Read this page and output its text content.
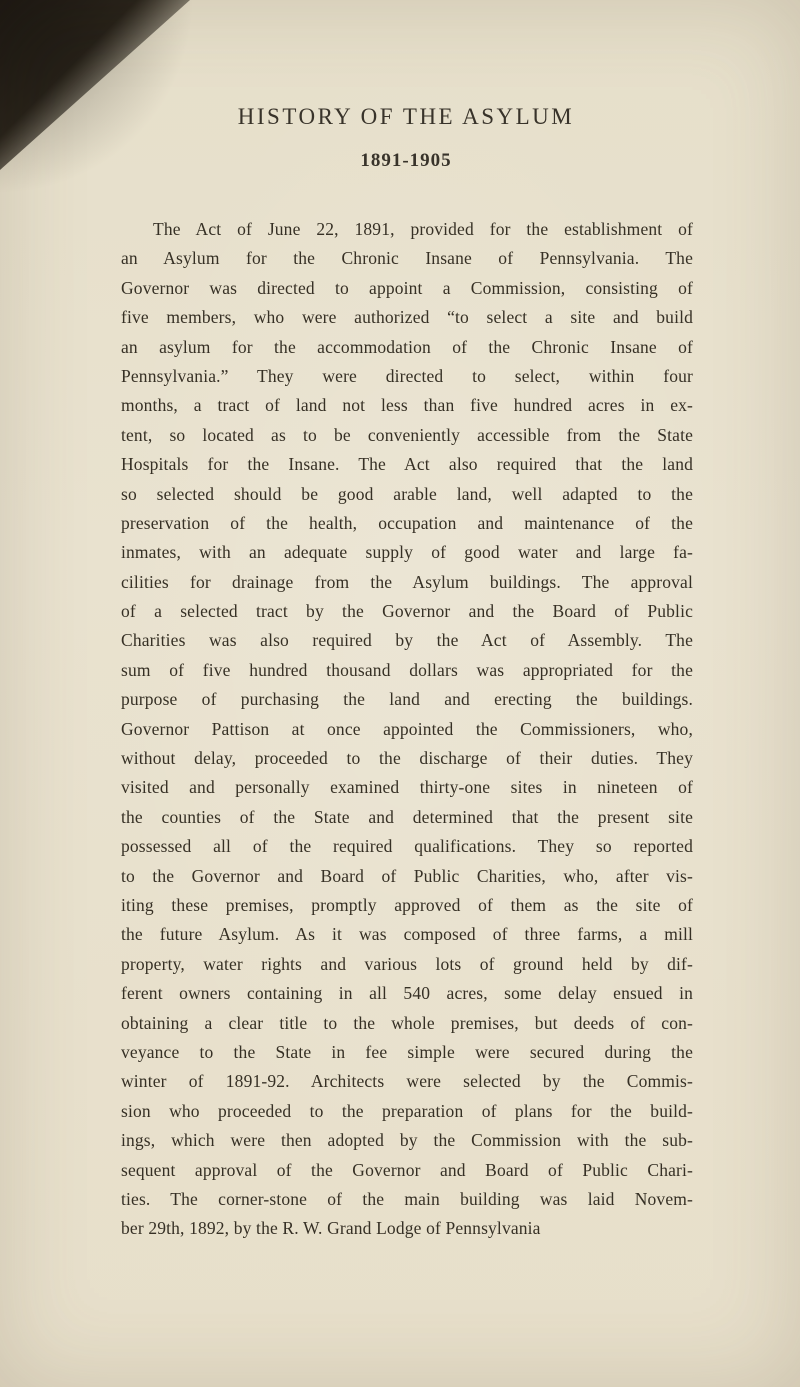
HISTORY OF THE ASYLUM
1891-1905
The Act of June 22, 1891, provided for the establishment of
an Asylum for the Chronic Insane of Pennsylvania. The
Governor was directed to appoint a Commission, consisting of
five members, who were authorized “to select a site and build
an asylum for the accommodation of the Chronic Insane of
Pennsylvania.” They were directed to select, within four
months, a tract of land not less than five hundred acres in ex-
tent, so located as to be conveniently accessible from the State
Hospitals for the Insane. The Act also required that the land
so selected should be good arable land, well adapted to the
preservation of the health, occupation and maintenance of the
inmates, with an adequate supply of good water and large fa-
cilities for drainage from the Asylum buildings. The approval
of a selected tract by the Governor and the Board of Public
Charities was also required by the Act of Assembly. The
sum of five hundred thousand dollars was appropriated for the
purpose of purchasing the land and erecting the buildings.
Governor Pattison at once appointed the Commissioners, who,
without delay, proceeded to the discharge of their duties. They
visited and personally examined thirty-one sites in nineteen of
the counties of the State and determined that the present site
possessed all of the required qualifications. They so reported
to the Governor and Board of Public Charities, who, after vis-
iting these premises, promptly approved of them as the site of
the future Asylum. As it was composed of three farms, a mill
property, water rights and various lots of ground held by dif-
ferent owners containing in all 540 acres, some delay ensued in
obtaining a clear title to the whole premises, but deeds of con-
veyance to the State in fee simple were secured during the
winter of 1891-92. Architects were selected by the Commis-
sion who proceeded to the preparation of plans for the build-
ings, which were then adopted by the Commission with the sub-
sequent approval of the Governor and Board of Public Chari-
ties. The corner-stone of the main building was laid Novem-
ber 29th, 1892, by the R. W. Grand Lodge of Pennsylvania
